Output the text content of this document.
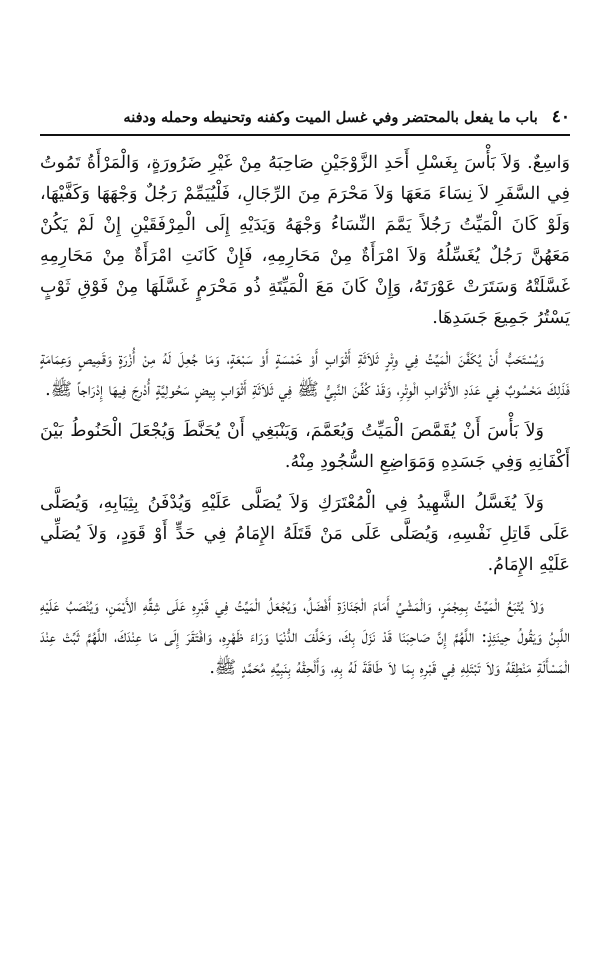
٤٠
باب ما يفعل بالمحتضر وفي غسل الميت وكفنه وتحنيطه وحمله ودفنه

وَاسِعٌ. وَلاَ بَأْسَ بِغَسْلِ أَحَدِ الزَّوْجَيْنِ صَاحِبَهُ مِنْ غَيْرِ ضَرُورَةٍ، وَالْمَرْأَةُ تَمُوتُ فِي السَّفَرِ لاَ نِسَاءَ مَعَهَا وَلاَ مَحْرَمَ مِنَ الرِّجَالِ، فَلْيُيَمِّمْ رَجُلٌ وَجْهَهَا وَكَفَّيْهَا، وَلَوْ كَانَ الْمَيِّتُ رَجُلاً يَمَّمَ النِّسَاءُ وَجْهَهُ وَيَدَيْهِ إِلَى الْمِرْفَقَيْنِ إِنْ لَمْ يَكُنْ مَعَهُنَّ رَجُلٌ يُغَسِّلُهُ وَلاَ امْرَأَةٌ مِنْ مَحَارِمِهِ، فَإِنْ كَانَتِ امْرَأَةٌ مِنْ مَحَارِمِهِ غَسَّلَتْهُ وَسَتَرَتْ عَوْرَتَهُ، وَإِنْ كَانَ مَعَ الْمَيِّتَةِ ذُو مَحْرَمٍ غَسَّلَهَا مِنْ فَوْقِ ثَوْبٍ يَسْتُرُ جَمِيعَ جَسَدِهَا.

وَيُسْتَحَبُّ أَنْ يُكَفَّنَ الْمَيِّتُ فِي وِتْرٍ ثَلاَثَةِ أَثْوَابٍ أَوْ خَمْسَةٍ أَوْ سَبْعَةٍ، وَمَا جُعِلَ لَهُ مِنْ أُزْرَةٍ وَقَمِيصٍ وَعِمَامَةٍ فَذَلِكَ مَحْسُوبٌ فِي عَدَدِ الأَثْوَابِ الْوِتْرِ، وَقَدْ كُفِّنَ النَّبِيُّ ﷺ فِي ثَلاَثَةِ أَثْوَابٍ بِيضٍ سَحُولِيَّةٍ أُدْرِجَ فِيهَا إِدْرَاجاً ﷺ.

وَلاَ بَأْسَ أَنْ يُقَمَّصَ الْمَيِّتُ وَيُعَمَّمَ، وَيَنْبَغِي أَنْ يُحَنَّطَ وَيُجْعَلَ الْحَنُوطُ بَيْنَ أَكْفَانِهِ وَفِي جَسَدِهِ وَمَوَاضِعِ السُّجُودِ مِنْهُ.

وَلاَ يُغَسَّلُ الشَّهِيدُ فِي الْمُعْتَرَكِ وَلاَ يُصَلَّى عَلَيْهِ وَيُدْفَنُ بِثِيَابِهِ، وَيُصَلَّى عَلَى قَاتِلِ نَفْسِهِ، وَيُصَلَّى عَلَى مَنْ قَتَلَهُ الإِمَامُ فِي حَدٍّ أَوْ قَوَدٍ، وَلاَ يُصَلِّي عَلَيْهِ الإِمَامُ.

وَلاَ يُتْبَعُ الْمَيِّتُ بِمِجْمَرٍ، وَالْمَشْيُ أَمَامَ الْجَنَازَةِ أَفْضَلُ، وَيُجْعَلُ الْمَيِّتُ فِي قَبْرِهِ عَلَى شِقِّهِ الأَيْمَنِ، وَيُنْصَبُ عَلَيْهِ اللَّبِنُ وَيَقُولُ حِينَئِذٍ: اللَّهُمَّ إِنَّ صَاحِبَنَا قَدْ نَزَلَ بِكَ، وَخَلَّفَ الدُّنْيَا وَرَاءَ ظَهْرِهِ، وَافْتَقَرَ إِلَى مَا عِنْدَكَ، اللَّهُمَّ ثَبِّتْ عِنْدَ الْمَسْأَلَةِ مَنْطِقَهُ وَلاَ تَبْتَلِهِ فِي قَبْرِهِ بِمَا لاَ طَاقَةَ لَهُ بِهِ، وَأَلْحِقْهُ بِنَبِيِّهِ مُحَمَّدٍ ﷺ.
